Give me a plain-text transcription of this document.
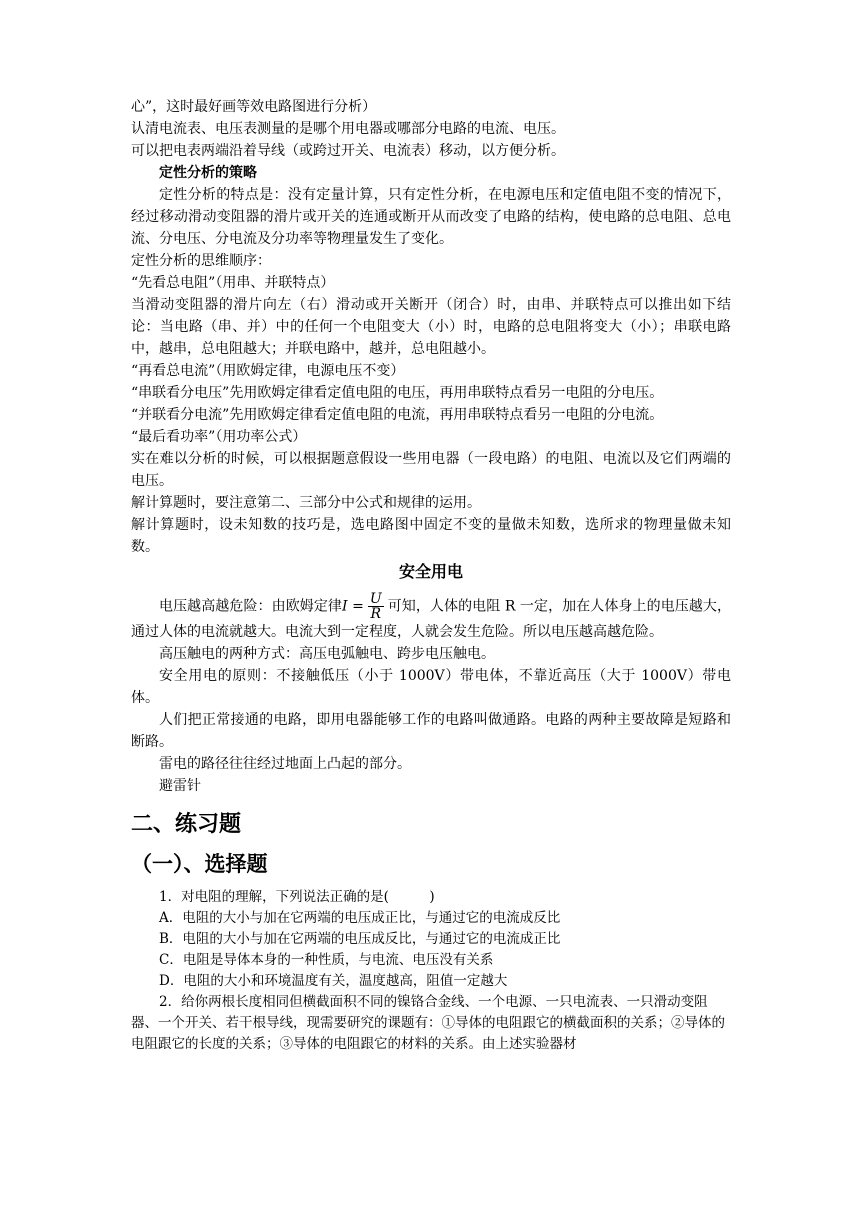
心”，这时最好画等效电路图进行分析）

认清电流表、电压表测量的是哪个用电器或哪部分电路的电流、电压。

可以把电表两端沿着导线（或跨过开关、电流表）移动，以方便分析。

定性分析的策略

定性分析的特点是：没有定量计算，只有定性分析，在电源电压和定值电阻不变的情况下，经过移动滑动变阻器的滑片或开关的连通或断开从而改变了电路的结构，使电路的总电阻、总电流、分电压、分电流及分功率等物理量发生了变化。

定性分析的思维顺序：

“先看总电阻”（用串、并联特点）

当滑动变阻器的滑片向左（右）滑动或开关断开（闭合）时，由串、并联特点可以推出如下结论：当电路（串、并）中的任何一个电阻变大（小）时，电路的总电阻将变大（小）；串联电路中，越串，总电阻越大；并联电路中，越并，总电阻越小。

“再看总电流”（用欧姆定律，电源电压不变）

“串联看分电压”先用欧姆定律看定值电阻的电压，再用串联特点看另一电阻的分电压。

“并联看分电流”先用欧姆定律看定值电阻的电流，再用串联特点看另一电阻的分电流。

“最后看功率”（用功率公式）

实在难以分析的时候，可以根据题意假设一些用电器（一段电路）的电阻、电流以及它们两端的电压。

解计算题时，要注意第二、三部分中公式和规律的运用。

解计算题时，设未知数的技巧是，选电路图中固定不变的量做未知数，选所求的物理量做未知数。

安全用电

电压越高越危险：由欧姆定律$I = \frac{U}{R}$ 可知，人体的电阻 R 一定，加在人体身上的电压越大，通过人体的电流就越大。电流大到一定程度，人就会发生危险。所以电压越高越危险。

高压触电的两种方式：高压电弧触电、跨步电压触电。

安全用电的原则：不接触低压（小于 1000V）带电体，不靠近高压（大于 1000V）带电体。

人们把正常接通的电路，即用电器能够工作的电路叫做通路。电路的两种主要故障是短路和断路。

雷电的路径往往经过地面上凸起的部分。

避雷针

二、练习题
（一）、选择题

1．对电阻的理解，下列说法正确的是(　　　)

A．电阻的大小与加在它两端的电压成正比，与通过它的电流成反比

B．电阻的大小与加在它两端的电压成反比，与通过它的电流成正比

C．电阻是导体本身的一种性质，与电流、电压没有关系

D．电阻的大小和环境温度有关，温度越高，阻值一定越大

2．给你两根长度相同但横截面积不同的镍铬合金线、一个电源、一只电流表、一只滑动变阻器、一个开关、若干根导线，现需要研究的课题有：①导体的电阻跟它的横截面积的关系；②导体的电阻跟它的长度的关系；③导体的电阻跟它的材料的关系。由上述实验器材
